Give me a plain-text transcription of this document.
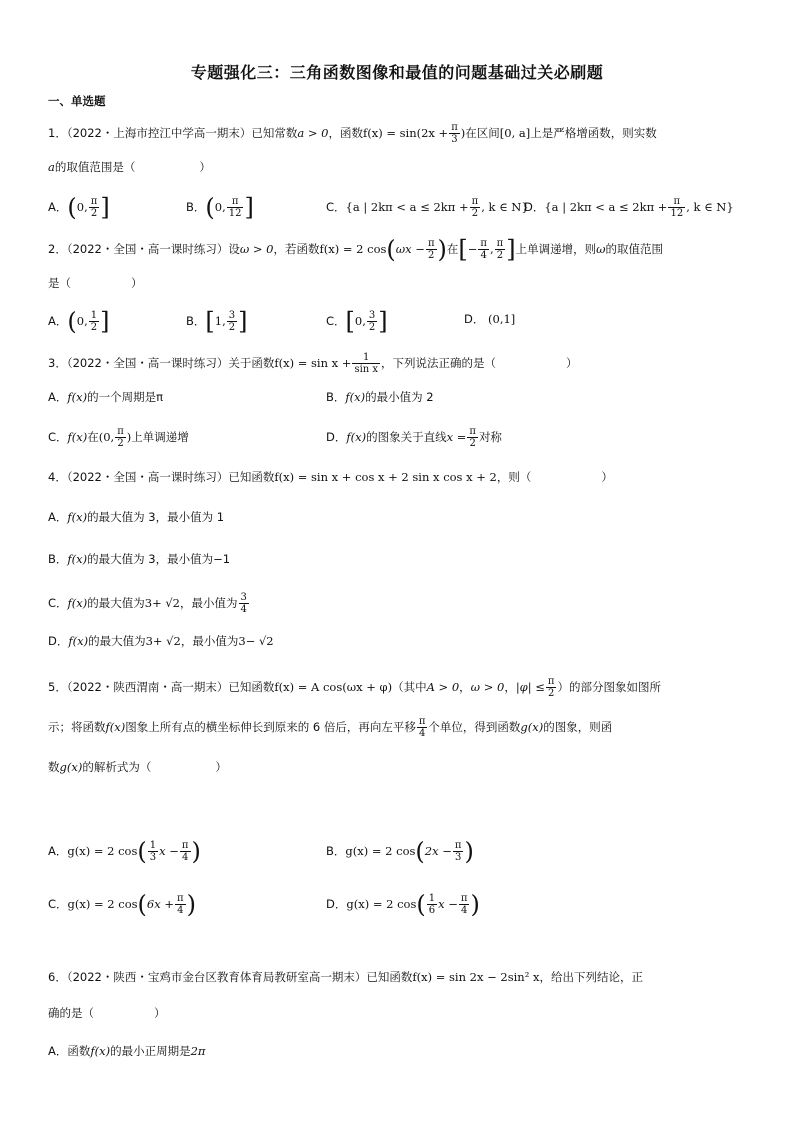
专题强化三：三角函数图像和最值的问题基础过关必刷题
一、单选题
1．（2022・上海市控江中学高一期末）已知常数a > 0，函数$f(x) = \sin(2x + \frac{\pi}{3}$ )在区间[0, a]上是严格增函数，则实数
a的取值范围是（	）
A．(0, $\frac{\pi}{2}$ ]	B．(0, $\frac{\pi}{12}$ ]	C．{a | $2k\pi < a \le 2k\pi + \frac{\pi}{2}$ , k ∈ N}
D．{a | $2k\pi < a \le 2k\pi + \frac{\pi}{12}$ , k ∈ N}
2．（2022・全国・高一课时练习）设ω > 0，若函数f(x) = 2 $\cos(\omega x - \frac{\pi}{2}$ )在[− $\frac{\pi}{4}$ , $\frac{\pi}{2}$ ]上单调递增，则ω的取值范围
是（	）
A．(0, $\frac{1}{2}$ ]	B．[1, $\frac{3}{2}$ ]	C．[0, $\frac{3}{2}$ ]	D． (0,1]
3．（2022・全国・高一课时练习）关于函数$f(x) = \sin x + \frac{1}{\text{sin x}}$ ，下列说法正确的是（	）
A．f(x)的一个周期是π	B．f(x)的最小值为 2
C．f(x)在(0, $\frac{\pi}{2}$ )上单调递增	D．f(x)的图象关于直线$x = \frac{\pi}{2}$ 对称
4．（2022・全国・高一课时练习）已知函数f(x) = sin x + cos x + 2 sin x cos x + 2，则（	）
A．f(x)的最大值为 3，最小值为 1
B．f(x)的最大值为 3，最小值为−1
C．f(x)的最大值为3+ √2，最小值为 $\frac{3}{4}$
D．f(x)的最大值为3+ √2，最小值为3− √2
5．（2022・陕西渭南・高一期末）已知函数f(x) = A cos(ωx + φ)（其中A > 0，ω > 0，$|\varphi| \le \frac{\pi}{2}$ ）的部分图象如图所
示；将函数f(x)图象上所有点的横坐标伸长到原来的 6 倍后，再向左平移 $\frac{\pi}{4}$ 个单位，得到函数g(x)的图象，则函
数g(x)的解析式为（	）
A．g(x) = 2 $\cos( \frac{1}{3}$ $x - \frac{\pi}{4}$ )	B．g(x) = 2 $\cos(2x - \frac{\pi}{3}$ )
C．g(x) = 2 $\cos(6x + \frac{\pi}{4}$ )	D．g(x) = 2 $\cos( \frac{1}{6}$ $x - \frac{\pi}{4}$ )
6．（2022・陕西・宝鸡市金台区教育体育局教研室高一期末）已知函数f(x) = sin 2x − 2sin² x，给出下列结论，正
确的是（	）
A．函数f(x)的最小正周期是2π
